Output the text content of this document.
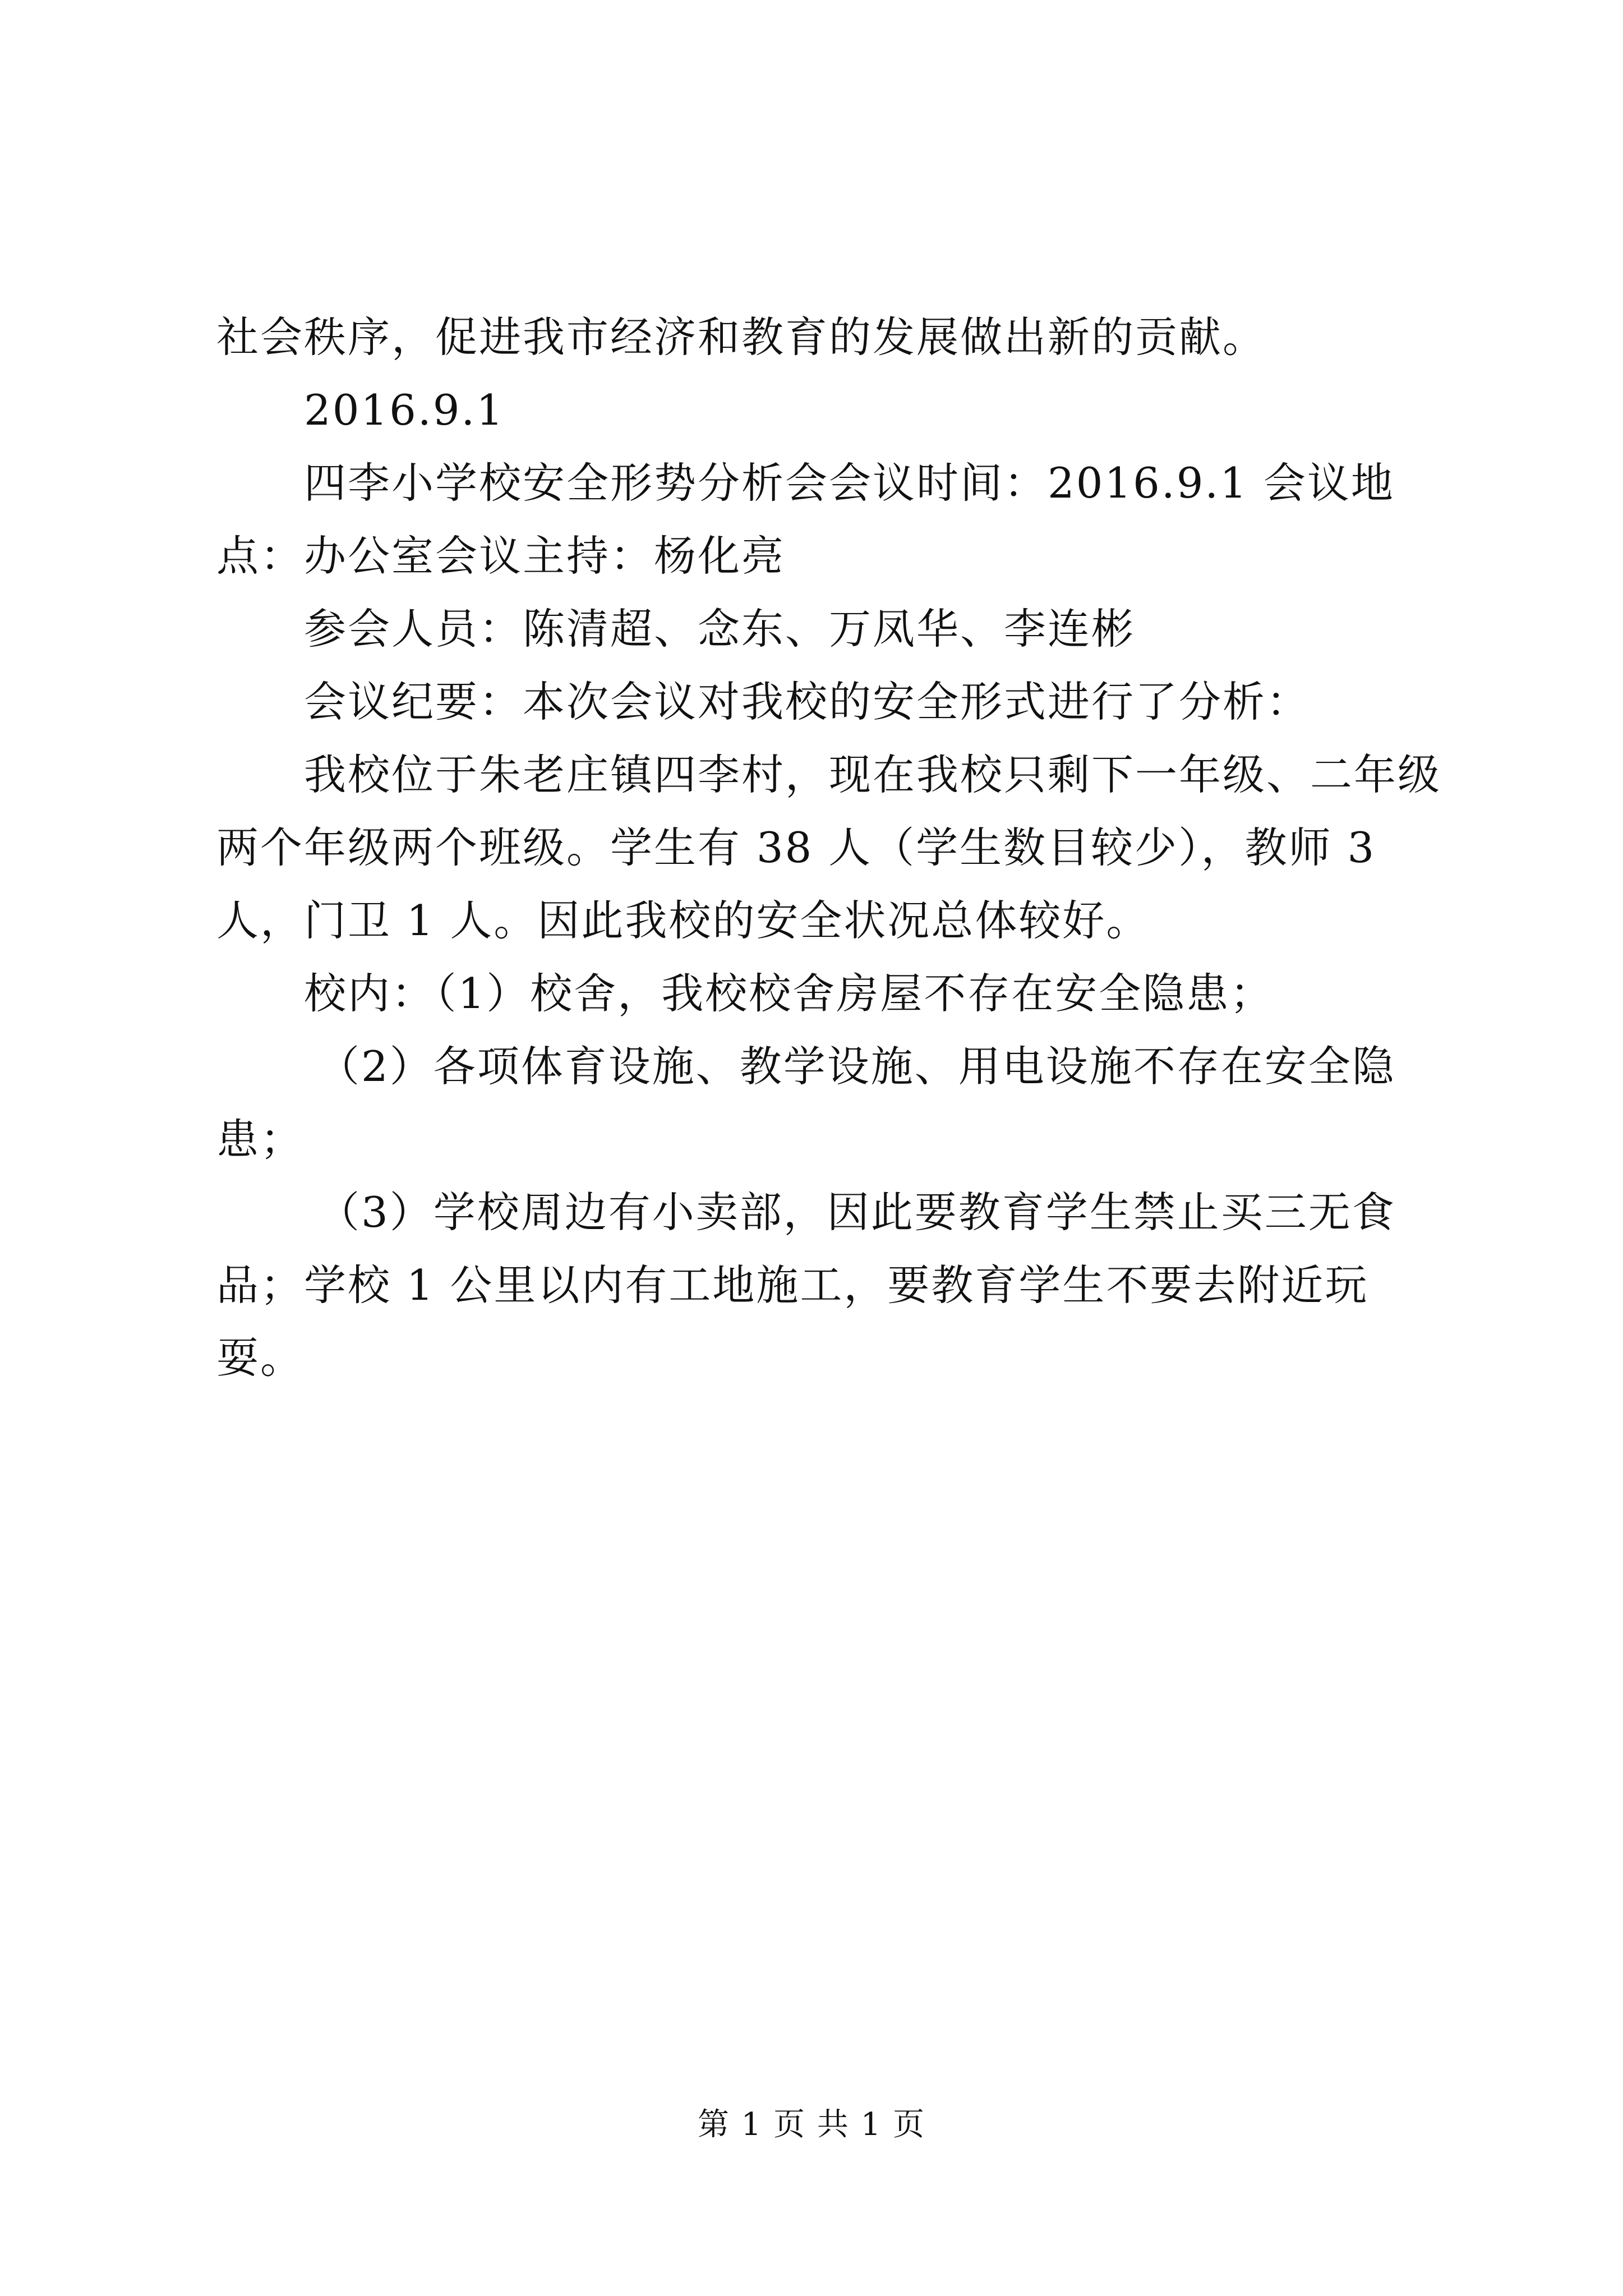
社会秩序，促进我市经济和教育的发展做出新的贡献。

2016.9.1

四李小学校安全形势分析会会议时间：2016.9.1 会议地点：办公室会议主持：杨化亮

参会人员：陈清超、念东、万凤华、李连彬

会议纪要：本次会议对我校的安全形式进行了分析：

我校位于朱老庄镇四李村，现在我校只剩下一年级、二年级两个年级两个班级。学生有 38 人（学生数目较少），教师 3 人，门卫 1 人。因此我校的安全状况总体较好。

校内：（1）校舍，我校校舍房屋不存在安全隐患；

（2）各项体育设施、教学设施、用电设施不存在安全隐患；

（3）学校周边有小卖部，因此要教育学生禁止买三无食品；学校 1 公里以内有工地施工，要教育学生不要去附近玩耍。

第 1 页 共 1 页
